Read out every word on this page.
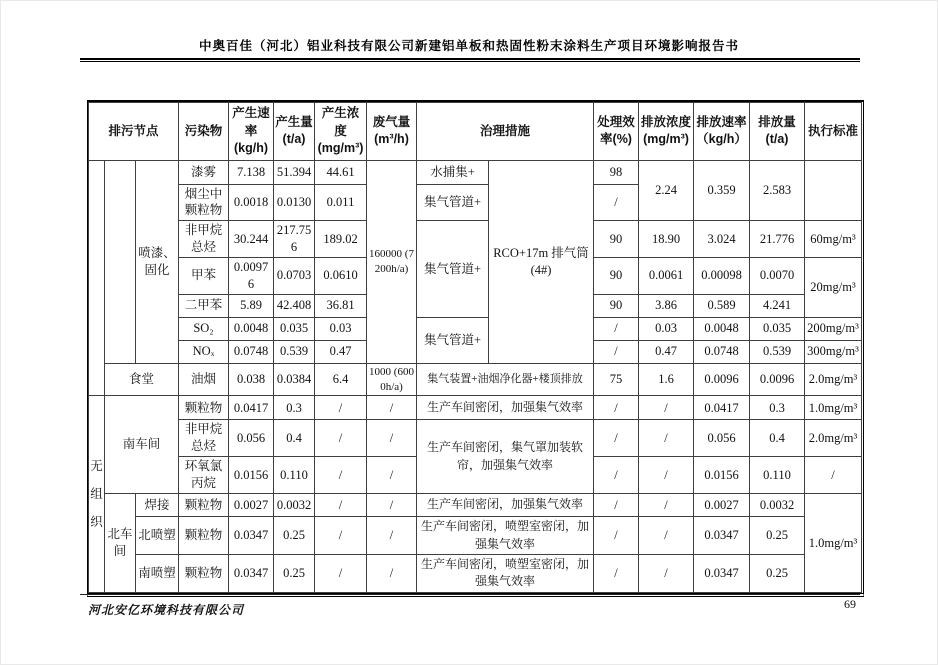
中奥百佳（河北）铝业科技有限公司新建铝单板和热固性粉末涂料生产项目环境影响报告书
排污节点			污染物	产生速率(kg/h)	产生量 (t/a)	产生浓度 (mg/m³)	废气量 (m³/h)	治理措施		处理效率(%)	排放浓度 (mg/m³)	排放速率 （kg/h）	排放量 (t/a)	执行标准
		喷漆、固化	漆雾	7.138	51.394	44.61	160000 (7200h/a)	水捕集+	RCO+17m 排气筒 (4#)	98	2.24	0.359	2.583	
			烟尘中颗粒物	0.0018	0.0130	0.011		集气管道+		/				
			非甲烷总烃	30.244	217.756	189.02		集气管道+		90	18.90	3.024	21.776	60mg/m³
			甲苯	0.00976	0.0703	0.0610				90	0.0061	0.00098	0.0070	20mg/m³
			二甲苯	5.89	42.408	36.81				90	3.86	0.589	4.241	
			SO₂	0.0048	0.035	0.03		集气管道+		/	0.03	0.0048	0.035	200mg/m³
			NOₓ	0.0748	0.539	0.47				/	0.47	0.0748	0.539	300mg/m³
	食堂		油烟	0.038	0.0384	6.4	1000 (6000h/a)	集气装置+油烟净化器+楼顶排放		75	1.6	0.0096	0.0096	2.0mg/m³
无组织	南车间		颗粒物	0.0417	0.3	/	/	生产车间密闭，加强集气效率		/	/	0.0417	0.3	1.0mg/m³
			非甲烷总烃	0.056	0.4	/	/	生产车间密闭，集气罩加装软帘，加强集气效率		/	/	0.056	0.4	2.0mg/m³
			环氧氯丙烷	0.0156	0.110	/	/			/	/	0.0156	0.110	/
	北车间	焊接	颗粒物	0.0027	0.0032	/	/	生产车间密闭，加强集气效率		/	/	0.0027	0.0032	1.0mg/m³
		北喷塑	颗粒物	0.0347	0.25	/	/	生产车间密闭，喷塑室密闭，加强集气效率		/	/	0.0347	0.25	
		南喷塑	颗粒物	0.0347	0.25	/	/	生产车间密闭，喷塑室密闭，加强集气效率		/	/	0.0347	0.25	
河北安亿环境科技有限公司	69
